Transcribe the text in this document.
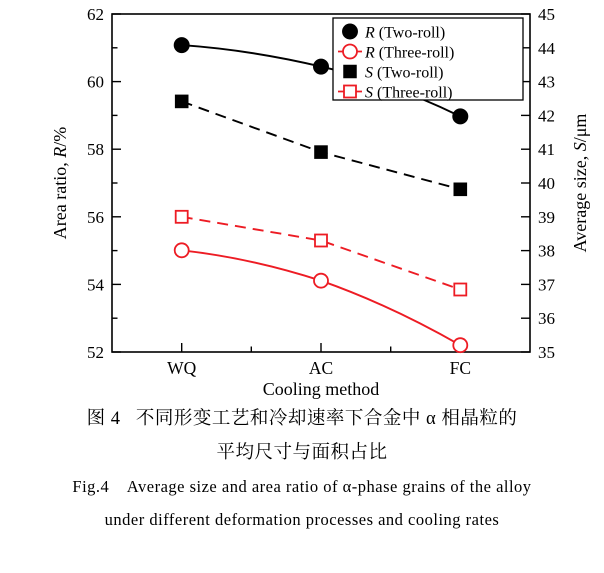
52
54
56
58
60
62
35
36
37
38
39
40
41
42
43
44
45
WQ	AC	FC
Cooling method
Area ratio, R/%
Average size, S/μm
R (Two-roll)
R (Three-roll)
S (Two-roll)
S (Three-roll)
图 4 不同形变工艺和冷却速率下合金中 α 相晶粒的
平均尺寸与面积占比
Fig.4  Average size and area ratio of α-phase grains of the alloy
under different deformation processes and cooling rates
